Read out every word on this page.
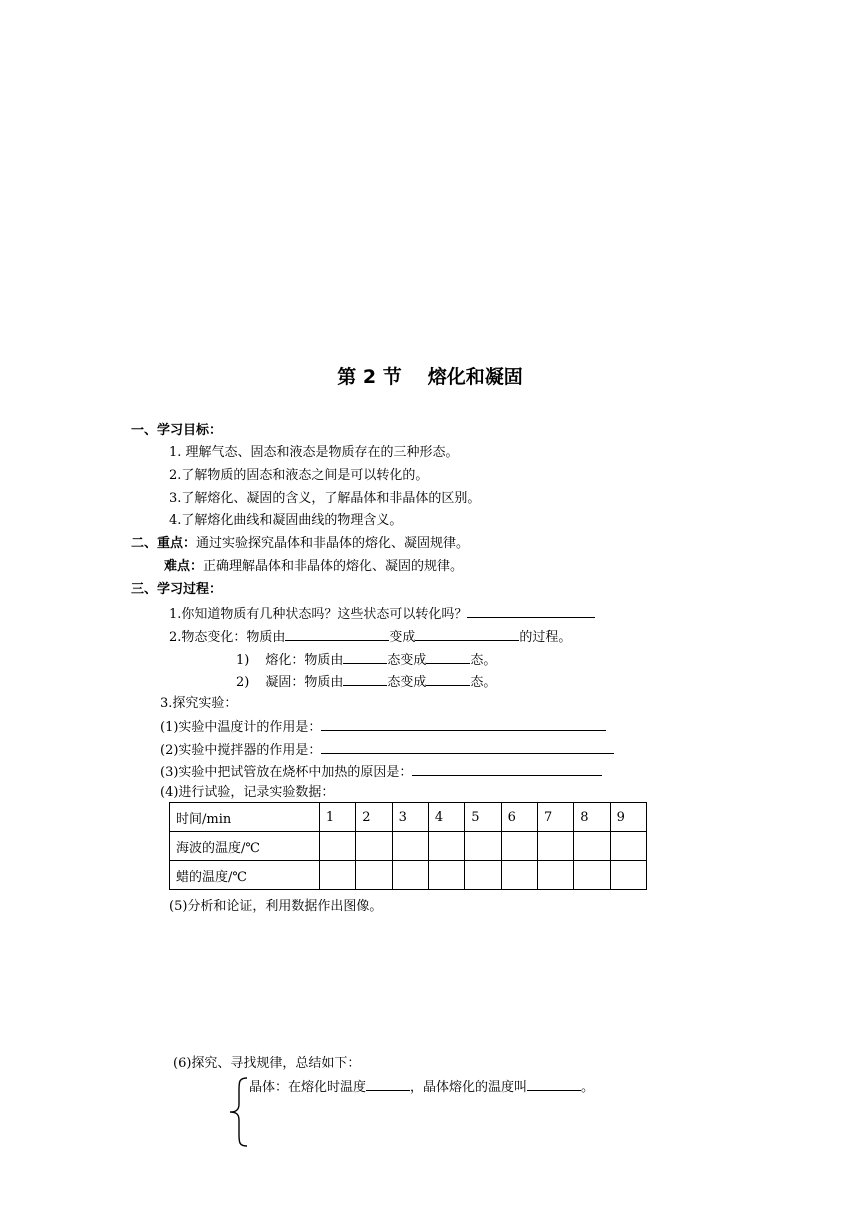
第 2 节 熔化和凝固
一、学习目标：
1. 理解气态、固态和液态是物质存在的三种形态。
2.了解物质的固态和液态之间是可以转化的。
3.了解熔化、凝固的含义，了解晶体和非晶体的区别。
4.了解熔化曲线和凝固曲线的物理含义。
二、重点：通过实验探究晶体和非晶体的熔化、凝固规律。
难点：正确理解晶体和非晶体的熔化、凝固的规律。
三、学习过程：
1.你知道物质有几种状态吗？这些状态可以转化吗？
2.物态变化：物质由	变成	的过程。
1) 熔化：物质由	态变成	态。
2) 凝固：物质由	态变成	态。
3.探究实验：
(1)实验中温度计的作用是：
(2)实验中搅拌器的作用是：
(3)实验中把试管放在烧杯中加热的原因是：
(4)进行试验，记录实验数据：
时间/min	1	2	3	4	5	6	7	8	9
海波的温度/℃									
蜡的温度/℃									
(5)分析和论证，利用数据作出图像。
(6)探究、寻找规律，总结如下：
晶体：在熔化时温度	，晶体熔化的温度叫	。
